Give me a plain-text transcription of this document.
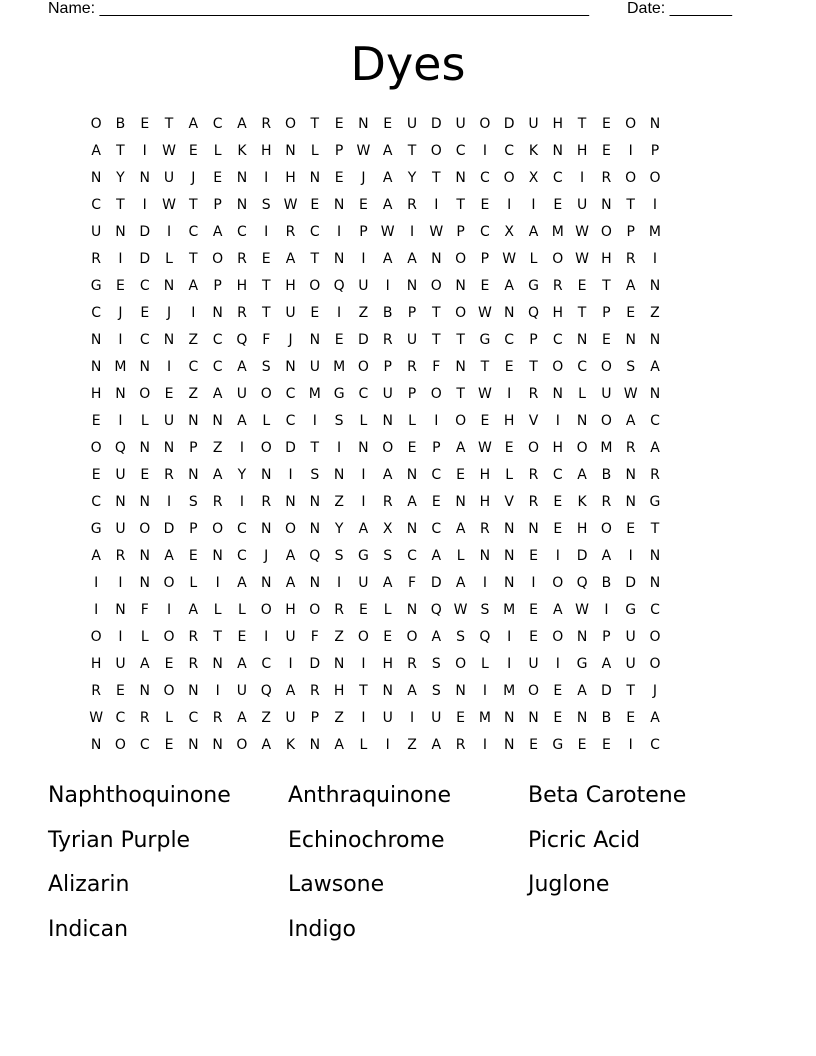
Name: _______________________________________________________ Date: _______
Dyes
O B	E	T	A	C	A	R O	T	E	N	E	U D U O D U H	T	E	O N
A	T	I	W E	L	K	H N	L	P W A	T	O C	I	C	K	N H	E	I	P
N	Y	N U	J	E	N	I	H N	E	J	A	Y	T	N	C O X	C	I	R O O
C	T	I	W T	P	N	S W E	N	E	A	R	I	T	E	I	I	E	U N	T	I
U N D	I	C	A	C	I	R	C	I	P W	I	W P	C	X	A M W O	P	M
R	I	D	L	T	O R	E	A	T	N	I	A	A	N O	P W L	O W H	R	I
G	E	C	N	A	P	H	T	H O Q U	I	N O N	E	A	G	R	E	T	A	N
C	J	E	J	I	N	R	T	U	E	I	Z	B	P	T	O W N Q H	T	P	E	Z
N	I	C	N	Z	C Q	F	J	N	E	D	R	U	T	T	G C	P	C	N	E	N N
N M N	I	C	C	A	S	N U M O	P	R	F	N	T	E	T	O C O	S	A
H N O	E	Z	A	U O C M G C	U	P	O	T W	I	R	N	L	U W N
E	I	L	U N N	A	L	C	I	S	L	N	L	I	O	E	H	V	I	N O	A	C
O Q N N	P	Z	I	O D	T	I	N O	E	P	A W E	O H O M R	A
E	U	E	R	N	A	Y	N	I	S	N	I	A	N	C	E	H	L	R	C	A	B	N	R
C	N N	I	S	R	I	R	N N	Z	I	R	A	E	N H	V	R	E	K	R	N G
G U O D	P	O C	N O N	Y	A	X	N	C	A	R	N N	E	H O	E	T
A	R	N	A	E	N	C	J	A Q	S	G	S	C	A	L	N N	E	I	D	A	I	N
I	I	N O	L	I	A	N	A	N	I	U	A	F	D	A	I	N	I	O Q B	D N
I	N	F	I	A	L	L	O H O R	E	L	N Q W S M E	A W	I	G C
O	I	L	O R	T	E	I	U	F	Z O	E	O	A	S	Q	I	E	O N	P	U O
H U	A	E	R	N	A	C	I	D N	I	H	R	S	O	L	I	U	I	G	A	U O
R	E	N O N	I	U Q	A	R	H	T	N	A	S	N	I	M O	E	A	D	T	J
W C	R	L	C	R	A	Z	U	P	Z	I	U	I	U	E M N N	E	N	B	E	A
N O C	E	N N O	A	K	N	A	L	I	Z	A	R	I	N	E	G	E	E	I	C
Naphthoquinone	Anthraquinone	Beta Carotene
Tyrian Purple	Echinochrome	Picric Acid
Alizarin	Lawsone	Juglone
Indican	Indigo
